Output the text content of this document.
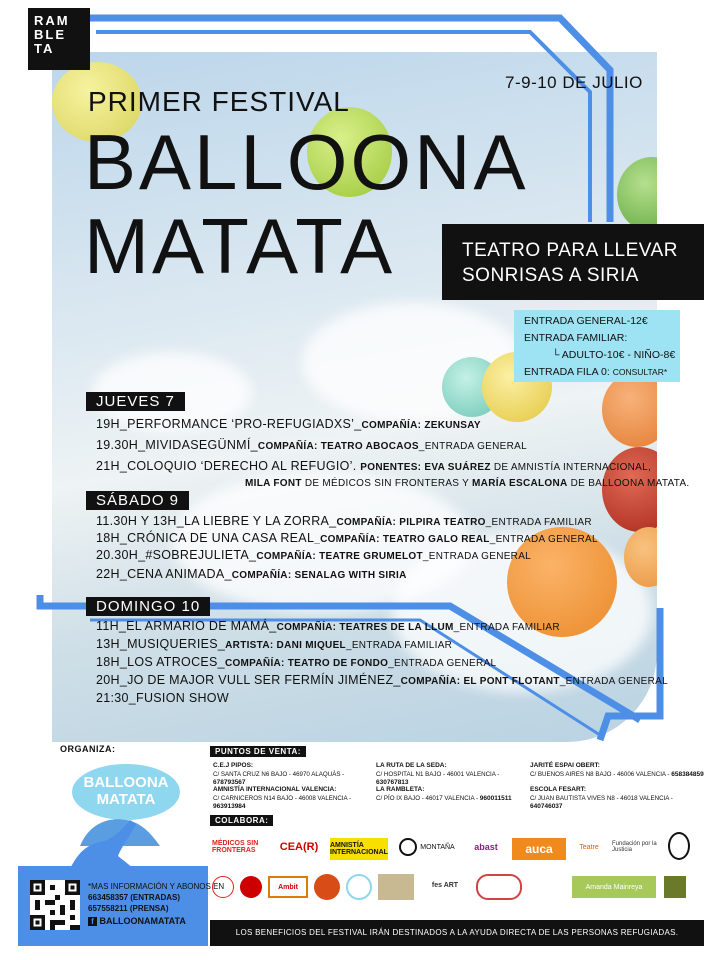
RAM
BLE
TA
7-9-10 DE JULIO
PRIMER FESTIVAL
BALLOONA
MATATA	TEATRO PARA LLEVAR
SONRISAS A SIRIA
ENTRADA GENERAL-12€
ENTRADA FAMILIAR:
└ ADULTO-10€ - NIÑO-8€
ENTRADA FILA 0: CONSULTAR*
JUEVES 7
19H_PERFORMANCE ‘PRO-REFUGIADXS’_COMPAÑÍA: ZEKUNSAY
19.30H_MIVIDASEGÜNMÍ_COMPAÑÍA: TEATRO ABOCAOS_ENTRADA GENERAL
21H_COLOQUIO ‘DERECHO AL REFUGIO’. PONENTES: EVA SUÁREZ DE AMNISTÍA INTERNACIONAL,
MILA FONT DE MÉDICOS SIN FRONTERAS Y MARÍA ESCALONA DE BALLOONA MATATA.
SÁBADO 9
11.30H Y 13H_LA LIEBRE Y LA ZORRA_COMPAÑÍA: PILPIRA TEATRO_ENTRADA FAMILIAR
18H_CRÓNICA DE UNA CASA REAL_COMPAÑÍA: TEATRO GALO REAL_ENTRADA GENERAL
20.30H_#SOBREJULIETA_COMPAÑÍA: TEATRE GRUMELOT_ENTRADA GENERAL
22H_CENA ANIMADA_COMPAÑÍA: SENALAG WITH SIRIA
DOMINGO 10
11H_EL ARMARIO DE MAMÁ_COMPAÑÍA: TEATRES DE LA LLUM_ENTRADA FAMILIAR
13H_MUSIQUERIES_ARTISTA: DANI MIQUEL_ENTRADA FAMILIAR
18H_LOS ATROCES_COMPAÑÍA: TEATRO DE FONDO_ENTRADA GENERAL
20H_JO DE MAJOR VULL SER FERMÍN JIMÉNEZ_COMPAÑÍA: EL PONT FLOTANT_ENTRADA GENERAL
21:30_FUSION SHOW
ORGANIZA:
BALLOONA
MATATA
PUNTOS DE VENTA:
C.E.J PIPOS:
C/ SANTA CRUZ N6 BAJO - 46970 ALAQUÀS - 678793567
AMNISTÍA INTERNACIONAL VALENCIA:
C/ CARNICEROS N14 BAJO - 46008 VALENCIA - 963913984
LA RUTA DE LA SEDA:
C/ HOSPITAL N1 BAJO - 46001 VALENCIA - 630767813
LA RAMBLETA:
C/ PÍO IX BAJO - 46017 VALENCIA - 960011511
JARITÉ ESPAI OBERT:
C/ BUENOS AIRES N8 BAJO - 46006 VALENCIA - 658384859
ESCOLA FESART:
C/ JUAN BAUTISTA VIVES N8 - 46018 VALENCIA - 640746037
COLABORA:
MÉDICOS SIN FRONTERAS	CEA(R)	AMNISTÍA INTERNACIONAL
MONTAÑA	abast	auca	Teatre	Fundación por la Justicia
Ambit	fes ART	Amanda Mainreya
*MAS INFORMACIÓN Y ABONOS EN
663458357 (ENTRADAS)
657558211 (PRENSA)
f BALLOONAMATATA
LOS BENEFICIOS DEL FESTIVAL IRÁN DESTINADOS A LA AYUDA DIRECTA DE LAS PERSONAS REFUGIADAS.
